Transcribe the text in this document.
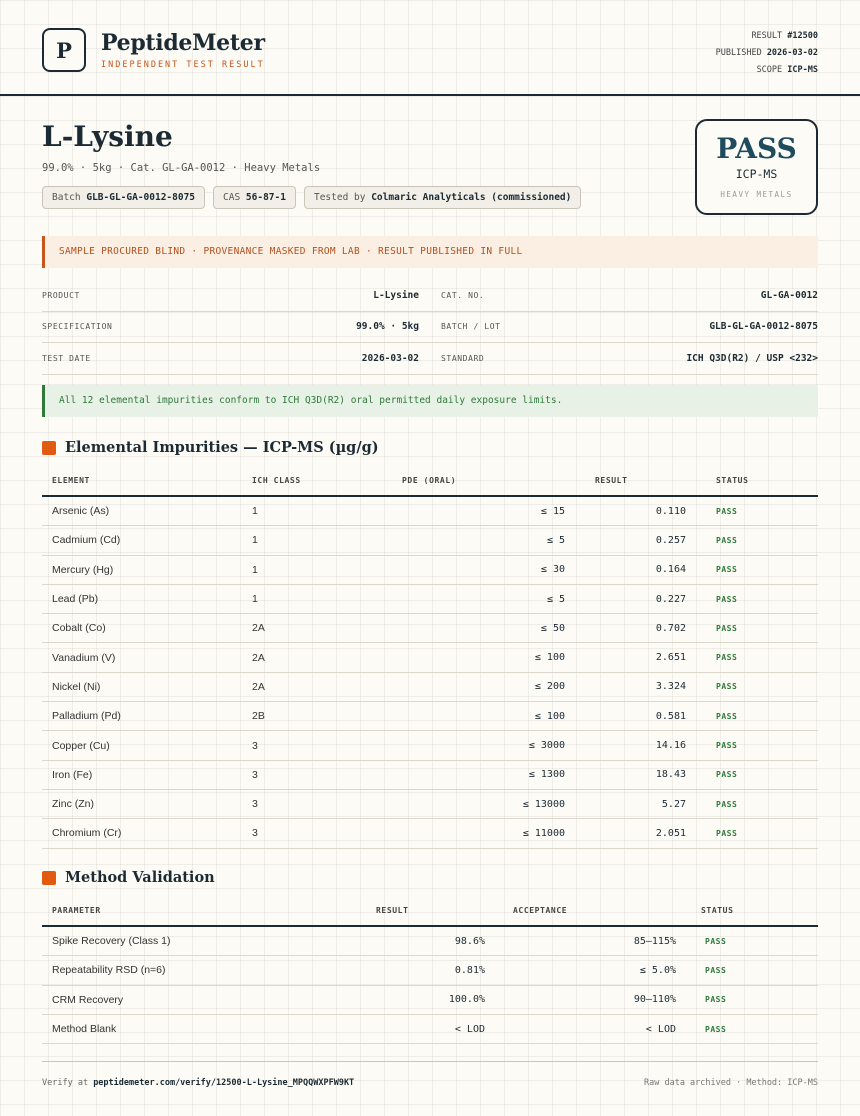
P	PeptideMeter
INDEPENDENT TEST RESULT
RESULT #12500
PUBLISHED 2026-03-02
SCOPE ICP-MS
L-Lysine
99.0% · 5kg · Cat. GL-GA-0012 · Heavy Metals
Batch GLB-GL-GA-0012-8075	CAS 56-87-1	Tested by Colmaric Analyticals (commissioned)
PASS
ICP-MS
HEAVY METALS
SAMPLE PROCURED BLIND · PROVENANCE MASKED FROM LAB · RESULT PUBLISHED IN FULL
PRODUCT	L-Lysine	CAT. NO.	GL-GA-0012
SPECIFICATION	99.0% · 5kg	BATCH / LOT	GLB-GL-GA-0012-8075
TEST DATE	2026-03-02	STANDARD	ICH Q3D(R2) / USP <232>
All 12 elemental impurities conform to ICH Q3D(R2) oral permitted daily exposure limits.
Elemental Impurities — ICP-MS (µg/g)
ELEMENT	ICH CLASS	PDE (ORAL)	RESULT	STATUS
Arsenic (As)	1	≤ 15	0.110	PASS
Cadmium (Cd)	1	≤ 5	0.257	PASS
Mercury (Hg)	1	≤ 30	0.164	PASS
Lead (Pb)	1	≤ 5	0.227	PASS
Cobalt (Co)	2A	≤ 50	0.702	PASS
Vanadium (V)	2A	≤ 100	2.651	PASS
Nickel (Ni)	2A	≤ 200	3.324	PASS
Palladium (Pd)	2B	≤ 100	0.581	PASS
Copper (Cu)	3	≤ 3000	14.16	PASS
Iron (Fe)	3	≤ 1300	18.43	PASS
Zinc (Zn)	3	≤ 13000	5.27	PASS
Chromium (Cr)	3	≤ 11000	2.051	PASS
Method Validation
PARAMETER	RESULT	ACCEPTANCE	STATUS
Spike Recovery (Class 1)	98.6%	85–115%	PASS
Repeatability RSD (n=6)	0.81%	≤ 5.0%	PASS
CRM Recovery	100.0%	90–110%	PASS
Method Blank	< LOD	< LOD	PASS
Verify at peptidemeter.com/verify/12500-L-Lysine_MPQQWXPFW9KT	Raw data archived · Method: ICP-MS
